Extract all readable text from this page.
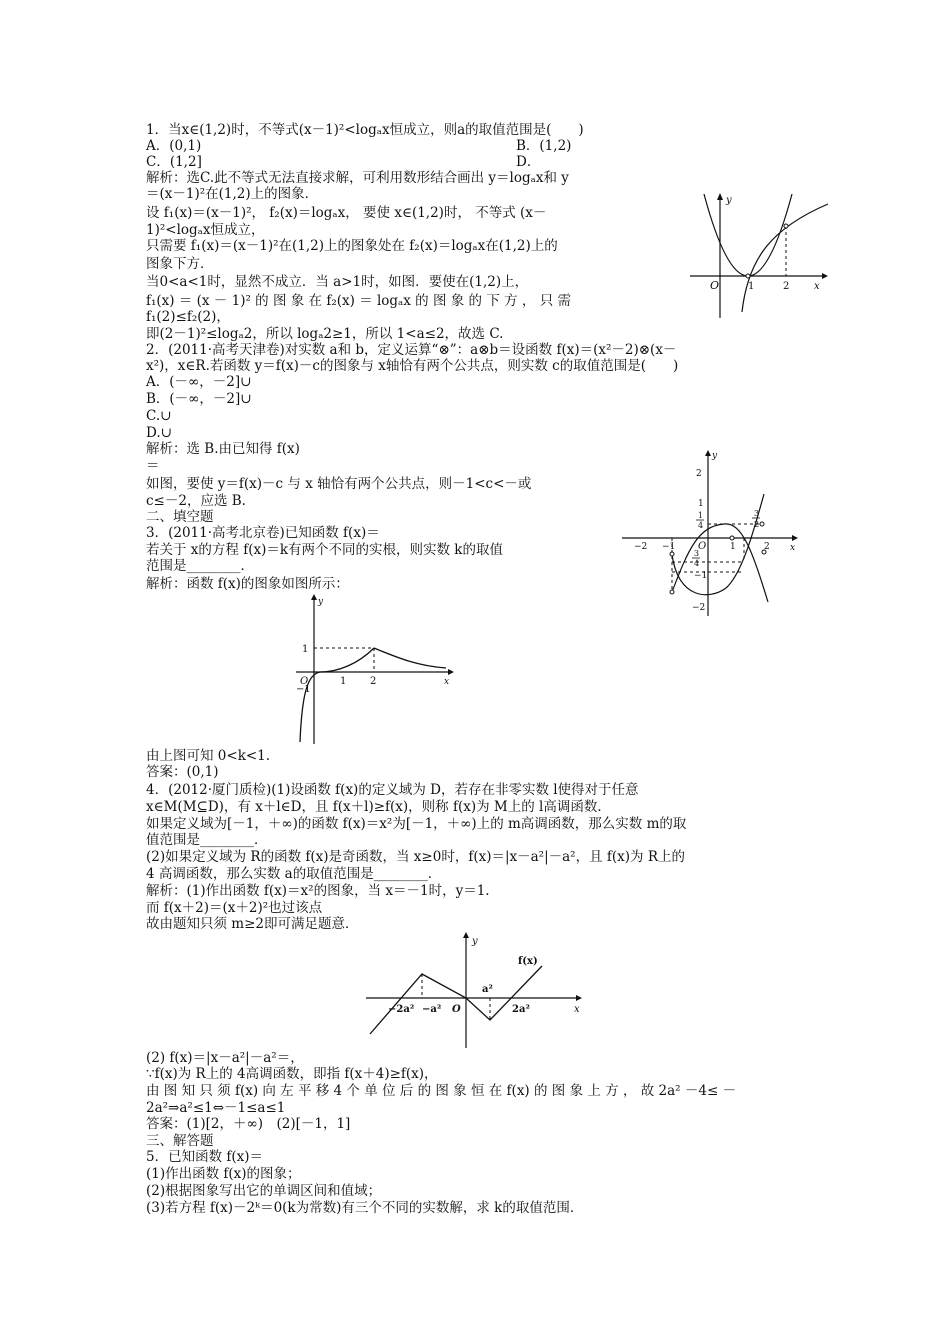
1．当x∈(1,2)时，不等式(x－1)²<logₐx恒成立，则a的取值范围是(　　)
A．(0,1)	B．(1,2)
C．(1,2]	D．
解析：选C.此不等式无法直接求解，可利用数形结合画出 y＝logₐx和 y
＝(x－1)²在(1,2)上的图象．
设 f₁(x)＝(x－1)²， f₂(x)＝logₐx， 要使 x∈(1,2)时， 不等式 (x－
1)²<logₐx恒成立，
只需要 f₁(x)＝(x－1)²在(1,2)上的图象处在 f₂(x)＝logₐx在(1,2)上的
图象下方．
当0<a<1时，显然不成立．当 a>1时，如图．要使在(1,2)上，
f₁(x) ＝ (x － 1)² 的 图 象 在 f₂(x) ＝ logₐx 的 图 象 的 下 方 ， 只 需
f₁(2)≤f₂(2)，
即(2－1)²≤logₐ2，所以 logₐ2≥1，所以 1<a≤2，故选 C.
2．(2011·高考天津卷)对实数 a和 b，定义运算“⊗”：a⊗b＝设函数 f(x)＝(x²－2)⊗(x－
x²)，x∈R.若函数 y＝f(x)－c的图象与 x轴恰有两个公共点，则实数 c的取值范围是(　　)
A．(－∞，－2]∪
B．(－∞，－2]∪
C.∪
D.∪
解析：选 B.由已知得 f(x)
＝
如图，要使 y＝f(x)－c 与 x 轴恰有两个公共点，则－1<c<－或
c≤－2，应选 B.
二、填空题
3．(2011·高考北京卷)已知函数 f(x)＝
若关于 x的方程 f(x)＝k有两个不同的实根，则实数 k的取值
范围是________．
解析：函数 f(x)的图象如图所示：
由上图可知 0<k<1.
答案：(0,1)
4．(2012·厦门质检)(1)设函数 f(x)的定义域为 D，若存在非零实数 l使得对于任意
x∈M(M⊆D)，有 x＋l∈D，且 f(x＋l)≥f(x)，则称 f(x)为 M上的 l高调函数．
如果定义域为[－1，＋∞)的函数 f(x)＝x²为[－1，＋∞)上的 m高调函数，那么实数 m的取
值范围是________．
(2)如果定义域为 R的函数 f(x)是奇函数，当 x≥0时，f(x)＝|x－a²|－a²，且 f(x)为 R上的
4 高调函数，那么实数 a的取值范围是________．
解析：(1)作出函数 f(x)＝x²的图象，当 x＝－1时，y＝1.
而 f(x＋2)＝(x＋2)²也过该点
故由题知只须 m≥2即可满足题意．
(2) f(x)＝|x－a²|－a²＝，
∵f(x)为 R上的 4高调函数，即指 f(x＋4)≥f(x)，
由 图 知 只 须 f(x) 向 左 平 移 4 个 单 位 后 的 图 象 恒 在 f(x) 的 图 象 上 方 ， 故 2a² －4≤ －
2a²⇒a²≤1⇔－1≤a≤1
答案：(1)[2，＋∞)　(2)[－1，1]
三、解答题
5．已知函数 f(x)＝
(1)作出函数 f(x)的图象；
(2)根据图象写出它的单调区间和值域；
(3)若方程 f(x)－2ᵏ＝0(k为常数)有三个不同的实数解，求 k的取值范围．
y
O	x
1	2
y
x
O
−2 −1	1	2
2
1
−1
−2
1
4
3
4
3
2
y
x
O
1
−1
1 2
y
x
O
−2a² −a²
a²
2a²
f(x)
